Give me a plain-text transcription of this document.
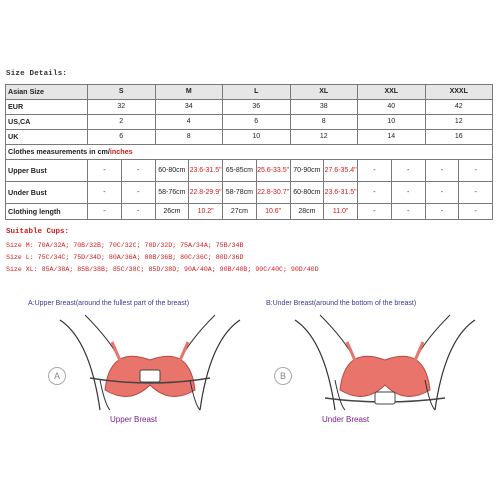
Size Details:
Asian Size	S		M		L		XL		XXL		XXXL	
EUR	32		34		36		38		40		42	
US,CA	2		4		6		8		10		12	
UK	6		8		10		12		14		16	
Clothes measurements in cm/inches												
Upper Bust	-	-	60-80cm	23.6-31.5"	65-85cm	25.6-33.5"	70-90cm	27.6-35.4"	-	-	-	-
Under Bust	-	-	58-76cm	22.8-29.9"	58-78cm	22.8-30.7"	60-80cm	23.6-31.5"	-	-	-	-
Clothing length	-	-	26cm	10.2"	27cm	10.6"	28cm	11.0"	-	-	-	-
Suitable Cups:
Size M: 70A/32A; 70B/32B; 70C/32C; 70D/32D; 75A/34A; 75B/34B
Size L: 75C/34C; 75D/34D; 80A/36A; 80B/36B; 80C/36C; 80D/36D
Size XL: 85A/38A; 85B/38B; 85C/38C; 85D/38D; 90A/40A; 90B/40B; 90C/40C; 90D/40D
A:Upper Breast(around the fullest part of the breast)	B:Under Breast(around the bottom of the breast)
A	B
Upper Breast	Under Breast
